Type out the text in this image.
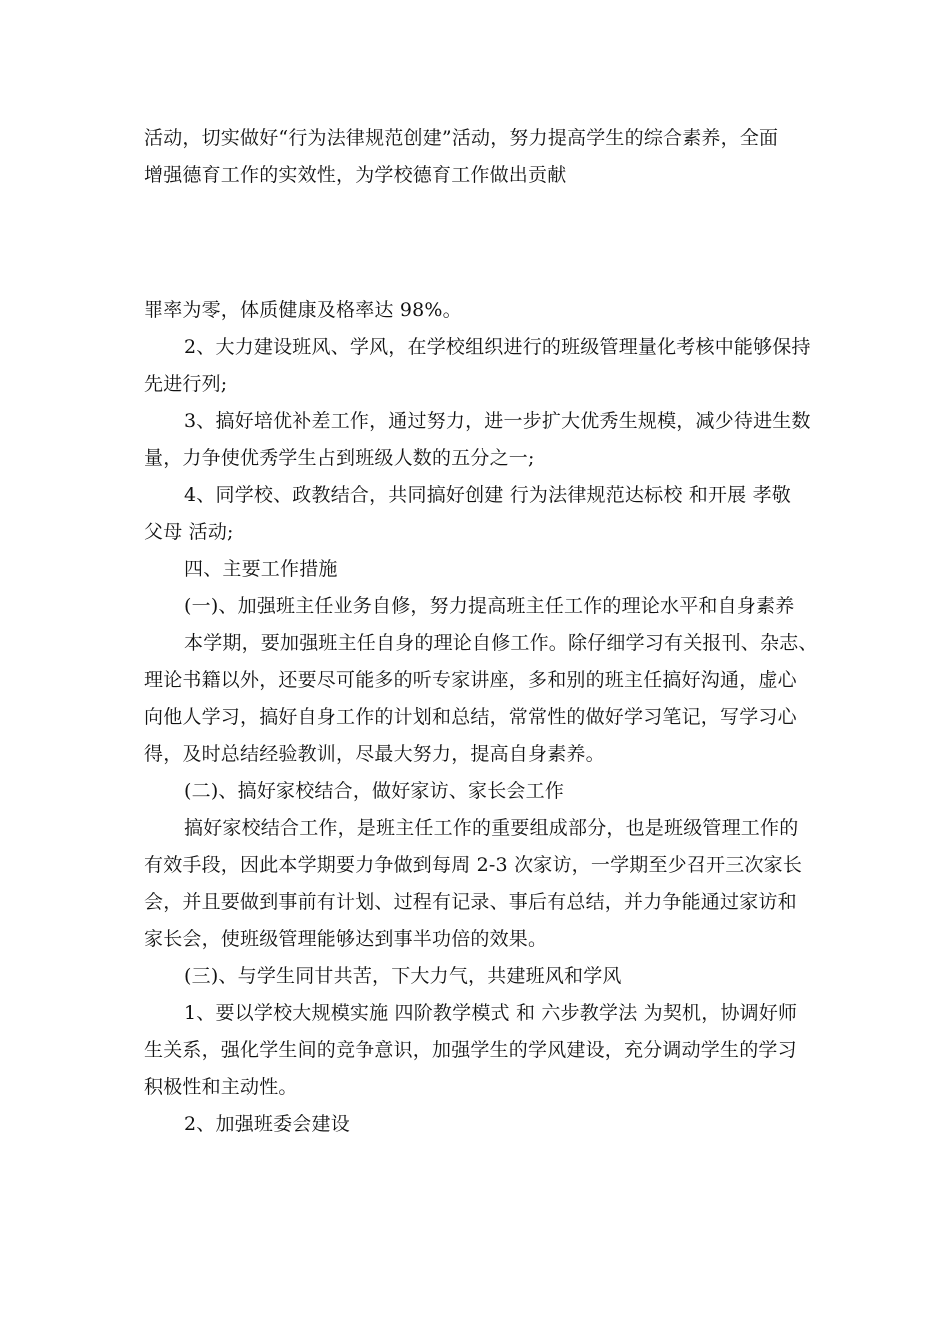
活动，切实做好“行为法律规范创建”活动，努力提高学生的综合素养，全面
增强德育工作的实效性，为学校德育工作做出贡献
罪率为零，体质健康及格率达 98%。
2、大力建设班风、学风，在学校组织进行的班级管理量化考核中能够保持
先进行列;
3、搞好培优补差工作，通过努力，进一步扩大优秀生规模，减少待进生数
量，力争使优秀学生占到班级人数的五分之一;
4、同学校、政教结合，共同搞好创建 行为法律规范达标校 和开展 孝敬
父母 活动;
四、主要工作措施
(一)、加强班主任业务自修，努力提高班主任工作的理论水平和自身素养
本学期，要加强班主任自身的理论自修工作。除仔细学习有关报刊、杂志、
理论书籍以外，还要尽可能多的听专家讲座，多和别的班主任搞好沟通，虚心
向他人学习，搞好自身工作的计划和总结，常常性的做好学习笔记，写学习心
得，及时总结经验教训，尽最大努力，提高自身素养。
(二)、搞好家校结合，做好家访、家长会工作
搞好家校结合工作，是班主任工作的重要组成部分，也是班级管理工作的
有效手段，因此本学期要力争做到每周 2-3 次家访，一学期至少召开三次家长
会，并且要做到事前有计划、过程有记录、事后有总结，并力争能通过家访和
家长会，使班级管理能够达到事半功倍的效果。
(三)、与学生同甘共苦，下大力气，共建班风和学风
1、要以学校大规模实施 四阶教学模式 和 六步教学法 为契机，协调好师
生关系，强化学生间的竞争意识，加强学生的学风建设，充分调动学生的学习
积极性和主动性。
2、加强班委会建设
